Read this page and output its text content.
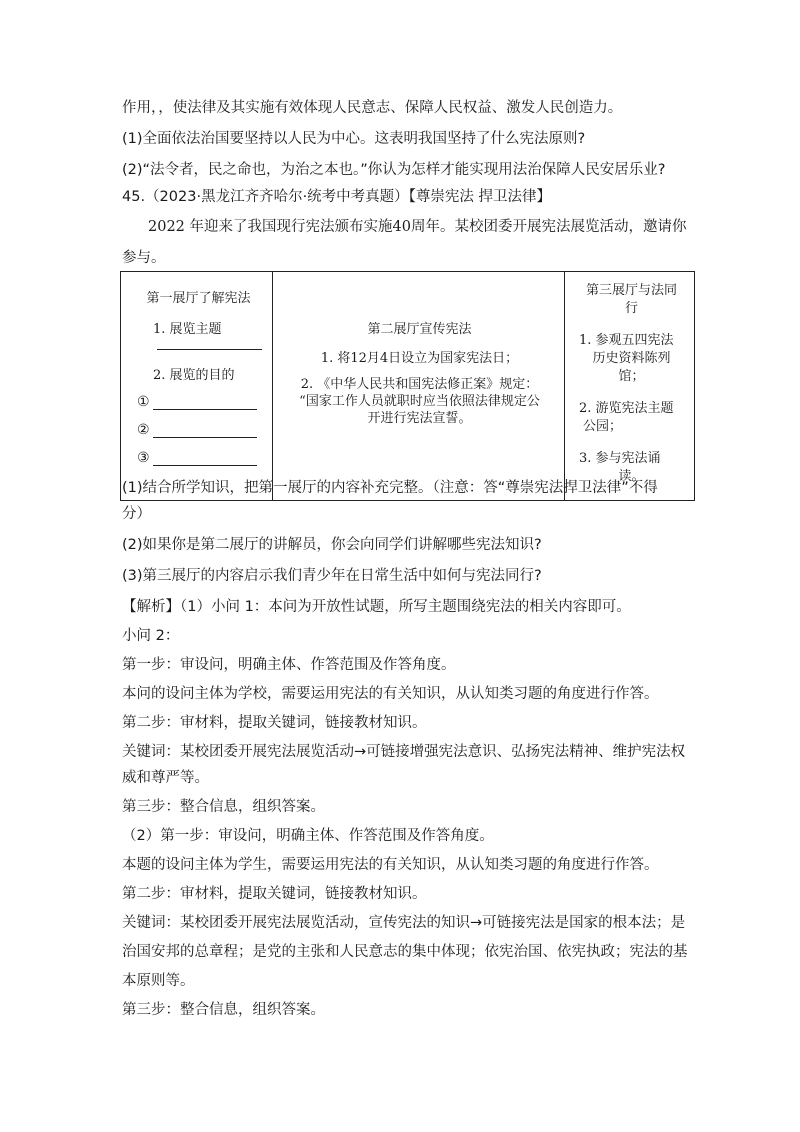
作用，，使法律及其实施有效体现人民意志、保障人民权益、激发人民创造力。
(1)全面依法治国要坚持以人民为中心。这表明我国坚持了什么宪法原则?
(2)“法令者，民之命也，为治之本也。”你认为怎样才能实现用法治保障人民安居乐业?
45.（2023·黑龙江齐齐哈尔·统考中考真题）【尊崇宪法 捍卫法律】
2022 年迎来了我国现行宪法颁布实施40周年。某校团委开展宪法展览活动，邀请你
参与。
第一展厅了解宪法
1. 展览主题
2. 展览的目的
①
②
③

第二展厅宣传宪法
1. 将12月4日设立为国家宪法日；
2. 《中华人民共和国宪法修正案》规定：
“国家工作人员就职时应当依照法律规定公
开进行宪法宣誓。

第三展厅与法同
行
1. 参观五四宪法
历史资料陈列
馆；
2. 游览宪法主题
公园；
3. 参与宪法诵
读。
(1)结合所学知识，把第一展厅的内容补充完整。（注意：答“尊崇宪法捍卫法律”不得
分）
(2)如果你是第二展厅的讲解员，你会向同学们讲解哪些宪法知识?
(3)第三展厅的内容启示我们青少年在日常生活中如何与宪法同行?
【解析】（1）小问 1：本问为开放性试题，所写主题围绕宪法的相关内容即可。
小问 2：
第一步：审设问，明确主体、作答范围及作答角度。
本问的设问主体为学校，需要运用宪法的有关知识，从认知类习题的角度进行作答。
第二步：审材料，提取关键词，链接教材知识。
关键词：某校团委开展宪法展览活动→可链接增强宪法意识、弘扬宪法精神、维护宪法权
威和尊严等。
第三步：整合信息，组织答案。
（2）第一步：审设问，明确主体、作答范围及作答角度。
本题的设问主体为学生，需要运用宪法的有关知识，从认知类习题的角度进行作答。
第二步：审材料，提取关键词，链接教材知识。
关键词：某校团委开展宪法展览活动，宣传宪法的知识→可链接宪法是国家的根本法；是
治国安邦的总章程；是党的主张和人民意志的集中体现；依宪治国、依宪执政；宪法的基
本原则等。
第三步：整合信息，组织答案。
